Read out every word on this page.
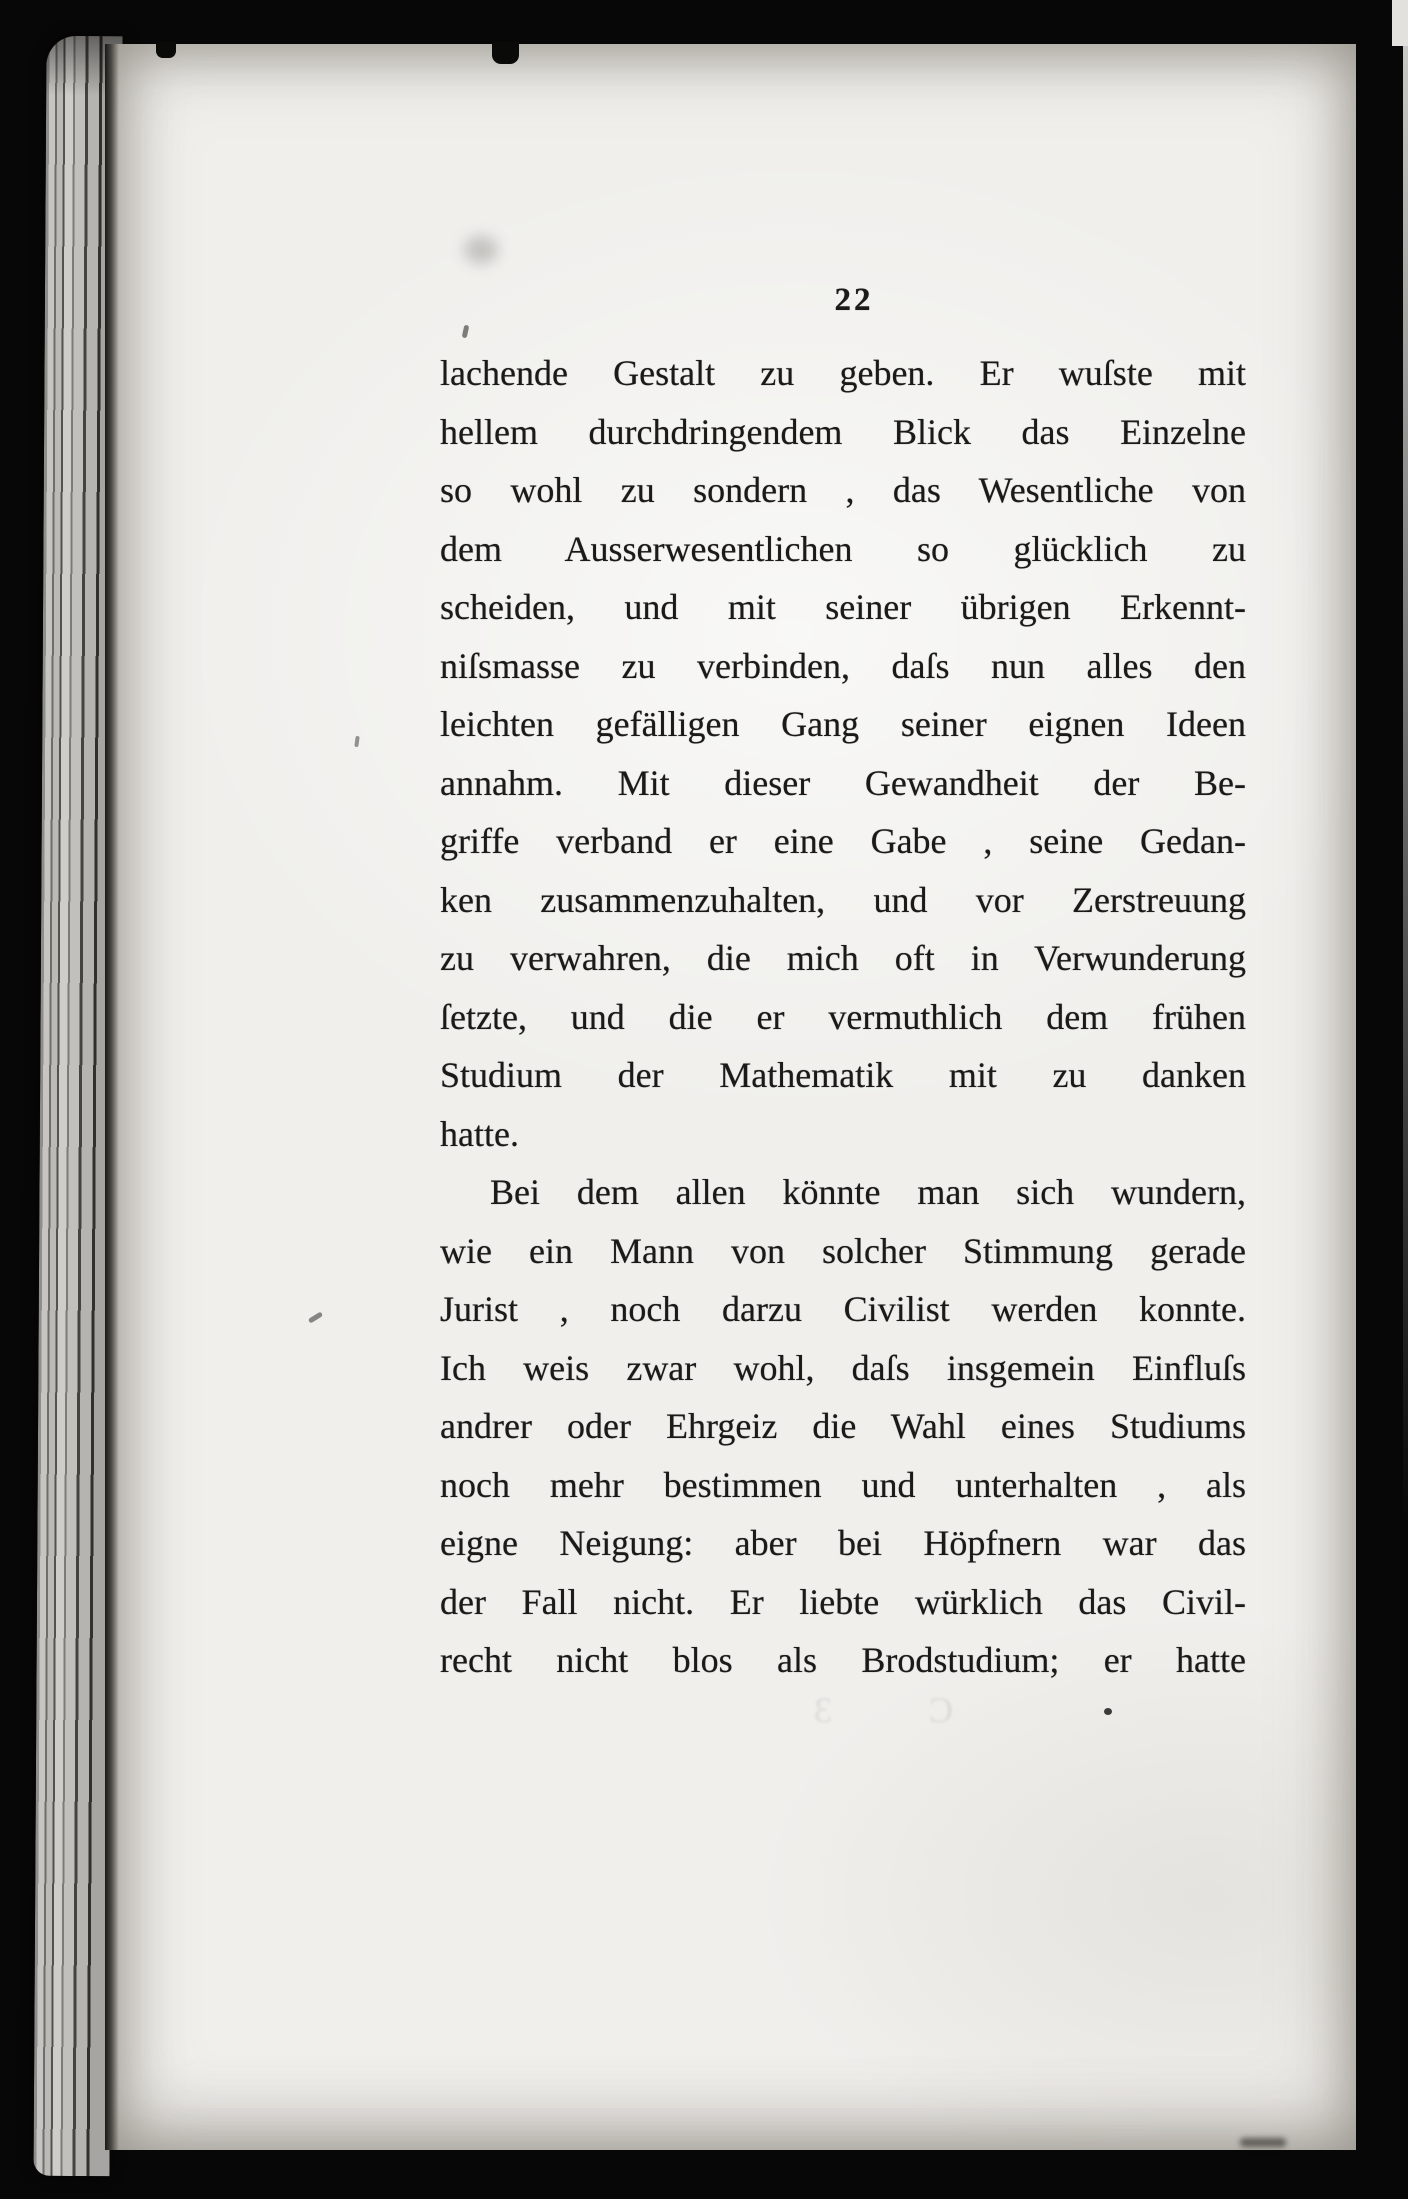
22
lachende Gestalt zu geben. Er wuſste mit
hellem durchdringendem Blick das Einzelne
so wohl zu sondern , das Wesentliche von
dem Ausserwesentlichen so glücklich zu
scheiden, und mit seiner übrigen Erkennt-
niſsmasse zu verbinden, daſs nun alles den
leichten gefälligen Gang seiner eignen Ideen
annahm. Mit dieser Gewandheit der Be-
griffe verband er eine Gabe , seine Gedan-
ken zusammenzuhalten, und vor Zerstreuung
zu verwahren, die mich oft in Verwunderung
ſetzte, und die er vermuthlich dem frühen
Studium der Mathematik mit zu danken
hatte.
Bei dem allen könnte man sich wundern,
wie ein Mann von solcher Stimmung gerade
Jurist , noch darzu Civilist werden konnte.
Ich weis zwar wohl, daſs insgemein Einfluſs
andrer oder Ehrgeiz die Wahl eines Studiums
noch mehr bestimmen und unterhalten , als
eigne Neigung: aber bei Höpfnern war das
der Fall nicht. Er liebte würklich das Civil-
recht nicht blos als Brodstudium; er hatte
C 3
